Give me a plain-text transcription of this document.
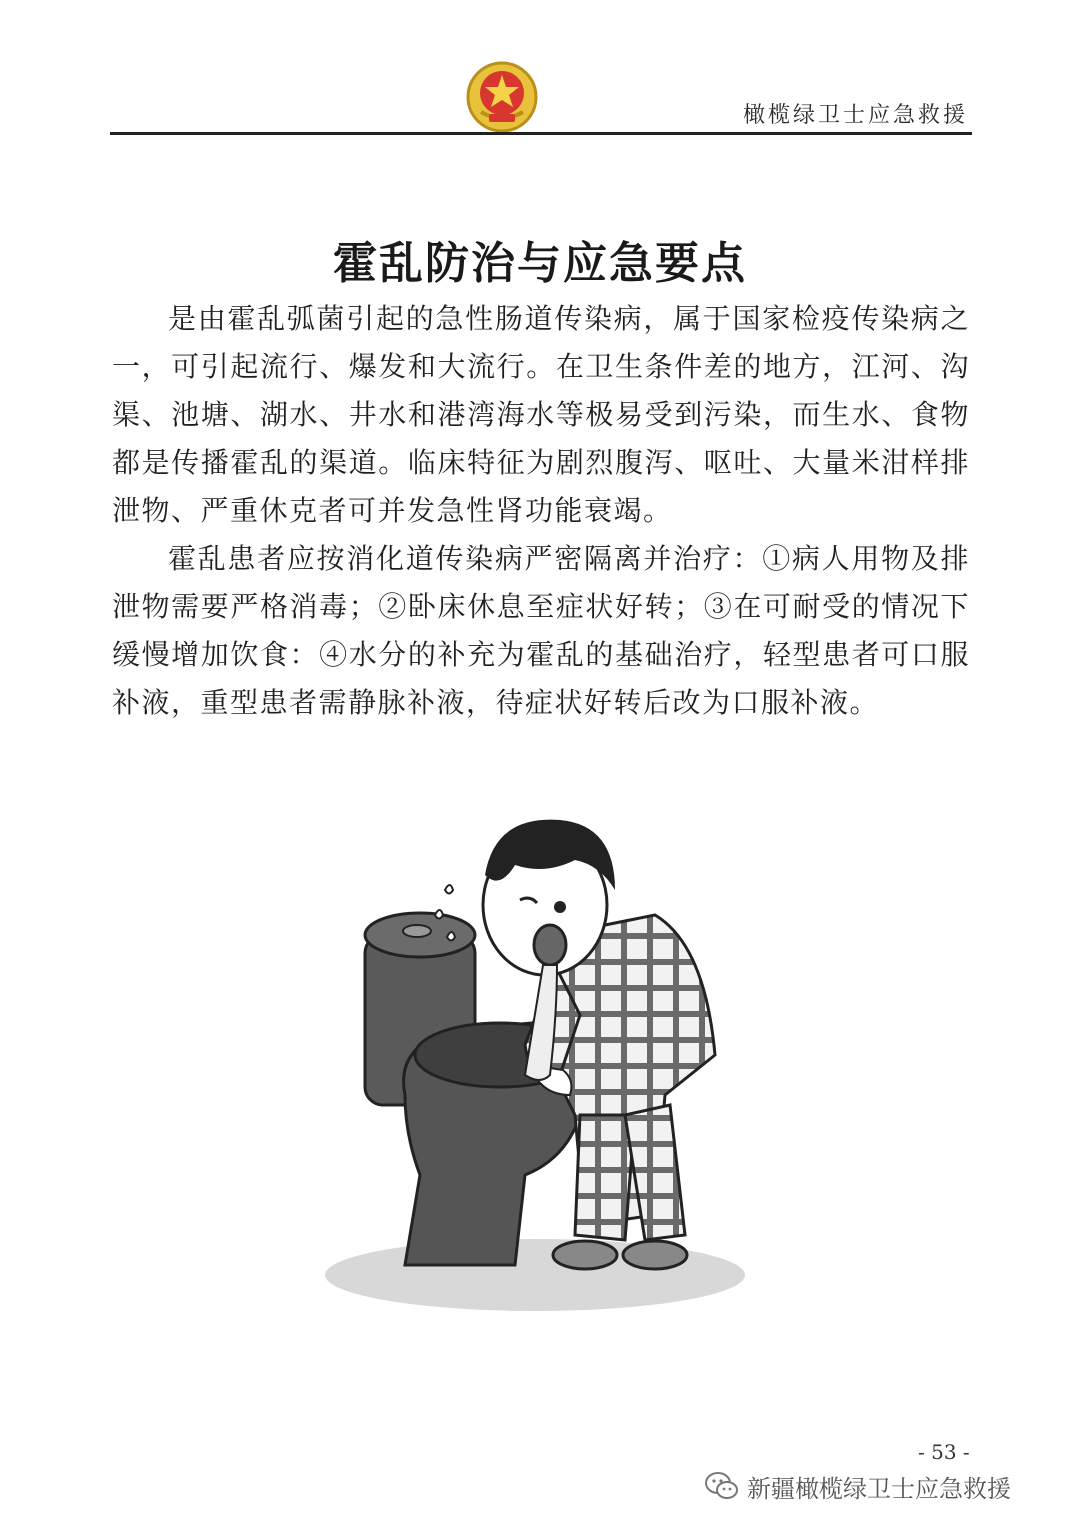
橄榄绿卫士应急救援
霍乱防治与应急要点

是由霍乱弧菌引起的急性肠道传染病，属于国家检疫传染病之一，可引起流行、爆发和大流行。在卫生条件差的地方，江河、沟渠、池塘、湖水、井水和港湾海水等极易受到污染，而生水、食物都是传播霍乱的渠道。临床特征为剧烈腹泻、呕吐、大量米泔样排泄物、严重休克者可并发急性肾功能衰竭。

霍乱患者应按消化道传染病严密隔离并治疗：①病人用物及排泄物需要严格消毒；②卧床休息至症状好转；③在可耐受的情况下缓慢增加饮食：④水分的补充为霍乱的基础治疗，轻型患者可口服补液，重型患者需静脉补液，待症状好转后改为口服补液。

- 53 -
新疆橄榄绿卫士应急救援
